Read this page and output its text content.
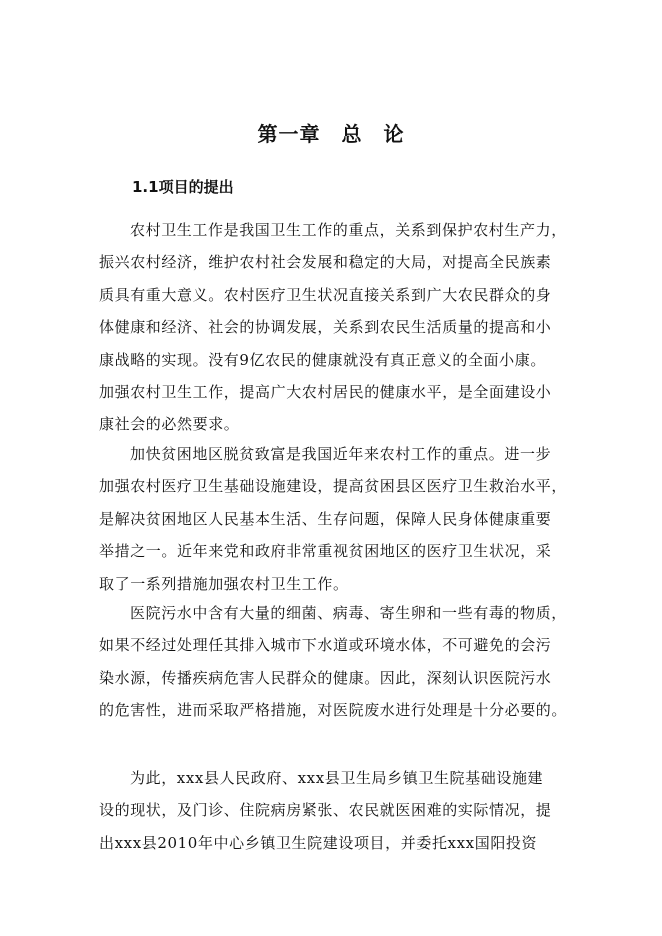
第一章　总　论
1.1项目的提出

农村卫生工作是我国卫生工作的重点，关系到保护农村生产力，
振兴农村经济，维护农村社会发展和稳定的大局，对提高全民族素
质具有重大意义。农村医疗卫生状况直接关系到广大农民群众的身
体健康和经济、社会的协调发展，关系到农民生活质量的提高和小
康战略的实现。没有9亿农民的健康就没有真正意义的全面小康。
加强农村卫生工作，提高广大农村居民的健康水平，是全面建设小
康社会的必然要求。

加快贫困地区脱贫致富是我国近年来农村工作的重点。进一步
加强农村医疗卫生基础设施建设，提高贫困县区医疗卫生救治水平，
是解决贫困地区人民基本生活、生存问题，保障人民身体健康重要
举措之一。近年来党和政府非常重视贫困地区的医疗卫生状况，采
取了一系列措施加强农村卫生工作。

医院污水中含有大量的细菌、病毒、寄生卵和一些有毒的物质，
如果不经过处理任其排入城市下水道或环境水体，不可避免的会污
染水源，传播疾病危害人民群众的健康。因此，深刻认识医院污水
的危害性，进而采取严格措施，对医院废水进行处理是十分必要的。

为此，xxx县人民政府、xxx县卫生局乡镇卫生院基础设施建
设的现状，及门诊、住院病房紧张、农民就医困难的实际情况，提
出xxx县2010年中心乡镇卫生院建设项目，并委托xxx国阳投资
